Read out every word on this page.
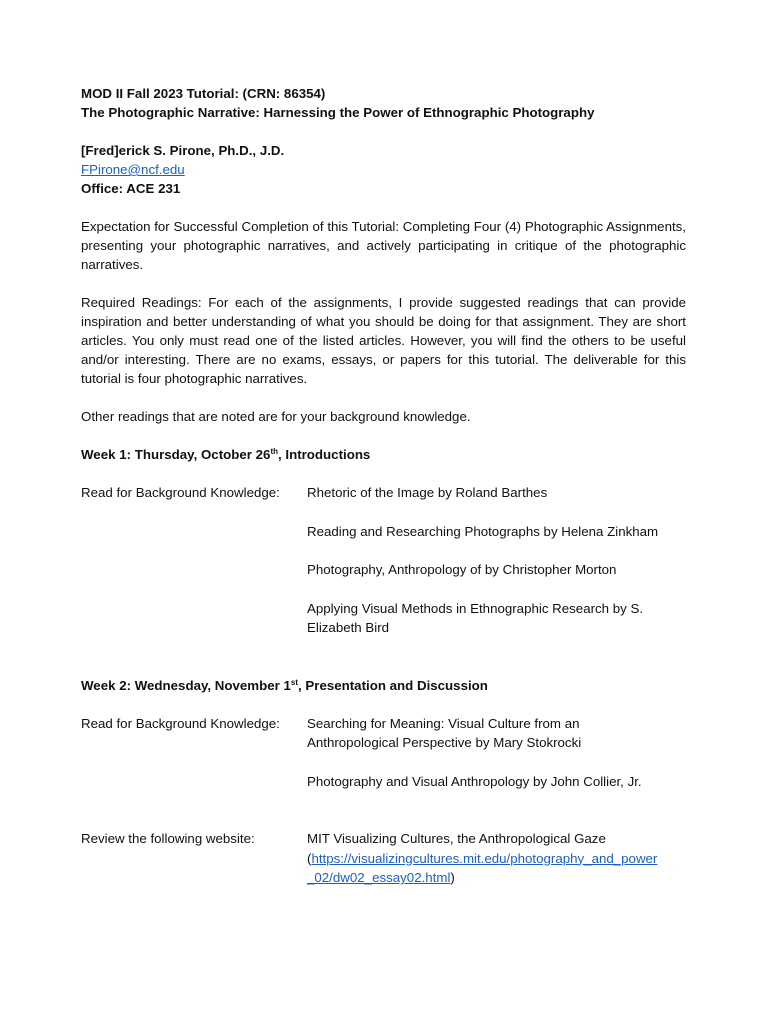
MOD II Fall 2023 Tutorial: (CRN: 86354)
The Photographic Narrative: Harnessing the Power of Ethnographic Photography
[Fred]erick S. Pirone, Ph.D., J.D.
FPirone@ncf.edu
Office: ACE 231
Expectation for Successful Completion of this Tutorial: Completing Four (4) Photographic Assignments, presenting your photographic narratives, and actively participating in critique of the photographic narratives.
Required Readings: For each of the assignments, I provide suggested readings that can provide inspiration and better understanding of what you should be doing for that assignment. They are short articles. You only must read one of the listed articles. However, you will find the others to be useful and/or interesting. There are no exams, essays, or papers for this tutorial. The deliverable for this tutorial is four photographic narratives.
Other readings that are noted are for your background knowledge.
Week 1: Thursday, October 26th, Introductions
Read for Background Knowledge:	Rhetoric of the Image by Roland Barthes
Reading and Researching Photographs by Helena Zinkham
Photography, Anthropology of by Christopher Morton
Applying Visual Methods in Ethnographic Research by S.
Elizabeth Bird
Week 2: Wednesday, November 1st, Presentation and Discussion
Read for Background Knowledge:	Searching for Meaning: Visual Culture from an
Anthropological Perspective by Mary Stokrocki
Photography and Visual Anthropology by John Collier, Jr.
Review the following website:	MIT Visualizing Cultures, the Anthropological Gaze
(https://visualizingcultures.mit.edu/photography_and_power
_02/dw02_essay02.html)
